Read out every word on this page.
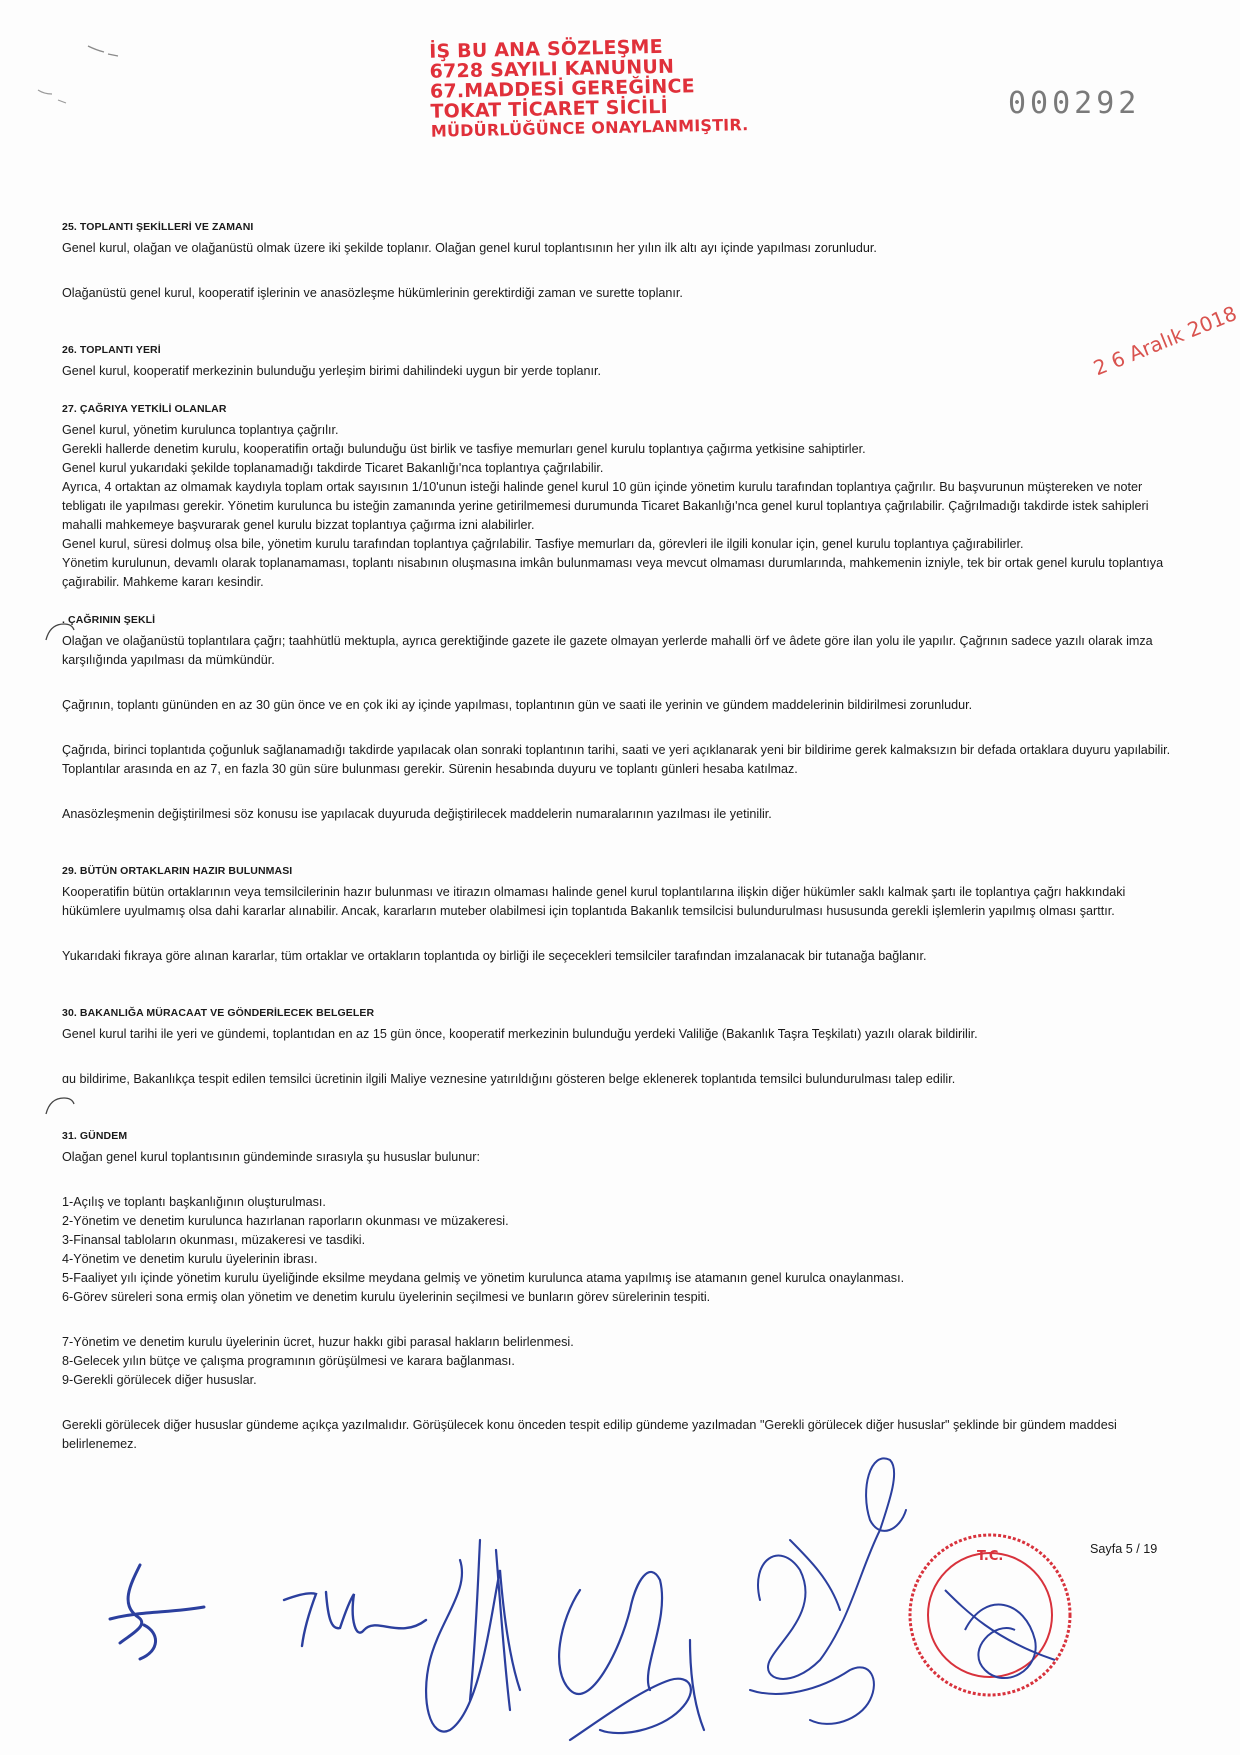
İŞ BU ANA SÖZLEŞME
6728 SAYILI KANUNUN
67.MADDESİ GEREĞİNCE
TOKAT TİCARET SİCİLİ
MÜDÜRLÜĞÜNCE ONAYLANMIŞTIR.
000292
2 6 Aralık 2018
25. TOPLANTI ŞEKİLLERİ VE ZAMANI

Genel kurul, olağan ve olağanüstü olmak üzere iki şekilde toplanır. Olağan genel kurul toplantısının her yılın ilk altı ayı içinde yapılması zorunludur.

Olağanüstü genel kurul, kooperatif işlerinin ve anasözleşme hükümlerinin gerektirdiği zaman ve surette toplanır.

26. TOPLANTI YERİ

Genel kurul, kooperatif merkezinin bulunduğu yerleşim birimi dahilindeki uygun bir yerde toplanır.

27. ÇAĞRIYA YETKİLİ OLANLAR

Genel kurul, yönetim kurulunca toplantıya çağrılır.

Gerekli hallerde denetim kurulu, kooperatifin ortağı bulunduğu üst birlik ve tasfiye memurları genel kurulu toplantıya çağırma yetkisine sahiptirler.

Genel kurul yukarıdaki şekilde toplanamadığı takdirde Ticaret Bakanlığı'nca toplantıya çağrılabilir.

Ayrıca, 4 ortaktan az olmamak kaydıyla toplam ortak sayısının 1/10'unun isteği halinde genel kurul 10 gün içinde yönetim kurulu tarafından toplantıya çağrılır. Bu başvurunun müştereken ve noter tebligatı ile yapılması gerekir. Yönetim kurulunca bu isteğin zamanında yerine getirilmemesi durumunda Ticaret Bakanlığı'nca genel kurul toplantıya çağrılabilir. Çağrılmadığı takdirde istek sahipleri mahalli mahkemeye başvurarak genel kurulu bizzat toplantıya çağırma izni alabilirler.

Genel kurul, süresi dolmuş olsa bile, yönetim kurulu tarafından toplantıya çağrılabilir. Tasfiye memurları da, görevleri ile ilgili konular için, genel kurulu toplantıya çağırabilirler.

Yönetim kurulunun, devamlı olarak toplanamaması, toplantı nisabının oluşmasına imkân bulunmaması veya mevcut olmaması durumlarında, mahkemenin izniyle, tek bir ortak genel kurulu toplantıya çağırabilir. Mahkeme kararı kesindir.

. ÇAĞRININ ŞEKLİ

Olağan ve olağanüstü toplantılara çağrı; taahhütlü mektupla, ayrıca gerektiğinde gazete ile gazete olmayan yerlerde mahalli örf ve âdete göre ilan yolu ile yapılır. Çağrının sadece yazılı olarak imza karşılığında yapılması da mümkündür.

Çağrının, toplantı gününden en az 30 gün önce ve en çok iki ay içinde yapılması, toplantının gün ve saati ile yerinin ve gündem maddelerinin bildirilmesi zorunludur.

Çağrıda, birinci toplantıda çoğunluk sağlanamadığı takdirde yapılacak olan sonraki toplantının tarihi, saati ve yeri açıklanarak yeni bir bildirime gerek kalmaksızın bir defada ortaklara duyuru yapılabilir. Toplantılar arasında en az 7, en fazla 30 gün süre bulunması gerekir. Sürenin hesabında duyuru ve toplantı günleri hesaba katılmaz.

Anasözleşmenin değiştirilmesi söz konusu ise yapılacak duyuruda değiştirilecek maddelerin numaralarının yazılması ile yetinilir.

29. BÜTÜN ORTAKLARIN HAZIR BULUNMASI

Kooperatifin bütün ortaklarının veya temsilcilerinin hazır bulunması ve itirazın olmaması halinde genel kurul toplantılarına ilişkin diğer hükümler saklı kalmak şartı ile toplantıya çağrı hakkındaki hükümlere uyulmamış olsa dahi kararlar alınabilir. Ancak, kararların muteber olabilmesi için toplantıda Bakanlık temsilcisi bulundurulması hususunda gerekli işlemlerin yapılmış olması şarttır.

Yukarıdaki fıkraya göre alınan kararlar, tüm ortaklar ve ortakların toplantıda oy birliği ile seçecekleri temsilciler tarafından imzalanacak bir tutanağa bağlanır.

30. BAKANLIĞA MÜRACAAT VE GÖNDERİLECEK BELGELER

Genel kurul tarihi ile yeri ve gündemi, toplantıdan en az 15 gün önce, kooperatif merkezinin bulunduğu yerdeki Valiliğe (Bakanlık Taşra Teşkilatı) yazılı olarak bildirilir.

ɑu bildirime, Bakanlıkça tespit edilen temsilci ücretinin ilgili Maliye veznesine yatırıldığını gösteren belge eklenerek toplantıda temsilci bulundurulması talep edilir.

31. GÜNDEM

Olağan genel kurul toplantısının gündeminde sırasıyla şu hususlar bulunur:

1-Açılış ve toplantı başkanlığının oluşturulması.

2-Yönetim ve denetim kurulunca hazırlanan raporların okunması ve müzakeresi.

3-Finansal tabloların okunması, müzakeresi ve tasdiki.

4-Yönetim ve denetim kurulu üyelerinin ibrası.

5-Faaliyet yılı içinde yönetim kurulu üyeliğinde eksilme meydana gelmiş ve yönetim kurulunca atama yapılmış ise atamanın genel kurulca onaylanması.

6-Görev süreleri sona ermiş olan yönetim ve denetim kurulu üyelerinin seçilmesi ve bunların görev sürelerinin tespiti.

7-Yönetim ve denetim kurulu üyelerinin ücret, huzur hakkı gibi parasal hakların belirlenmesi.

8-Gelecek yılın bütçe ve çalışma programının görüşülmesi ve karara bağlanması.

9-Gerekli görülecek diğer hususlar.

Gerekli görülecek diğer hususlar gündeme açıkça yazılmalıdır. Görüşülecek konu önceden tespit edilip gündeme yazılmadan "Gerekli görülecek diğer hususlar" şeklinde bir gündem maddesi belirlenemez.

Sayfa 5 / 19
T.C.
